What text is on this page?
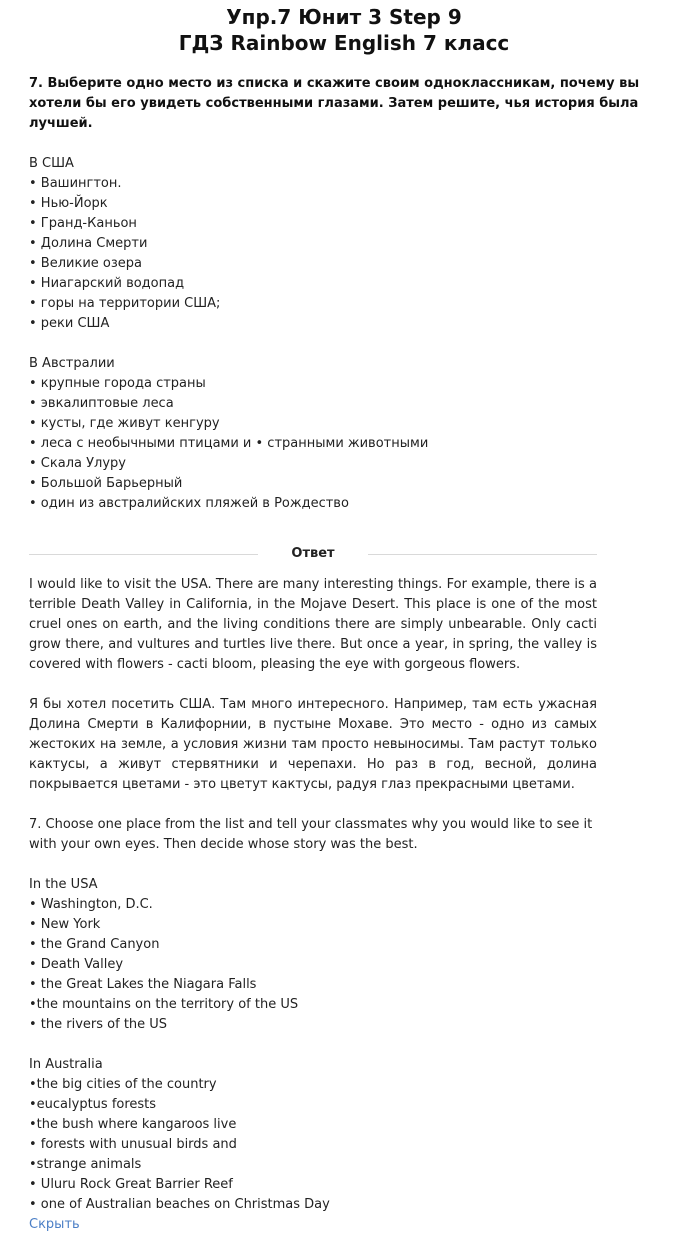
Упр.7 Юнит 3 Step 9
ГДЗ Rainbow English 7 класс

7. Выберите одно место из списка и скажите своим одноклассникам, почему вы

хотели бы его увидеть собственными глазами. Затем решите, чья история была

лучшей.

В США

• Вашингтон.

• Нью-Йорк

• Гранд-Каньон

• Долина Смерти

• Великие озера

• Ниагарский водопад

• горы на территории США;

• реки США

В Австралии

• крупные города страны

• эвкалиптовые леса

• кусты, где живут кенгуру

• леса с необычными птицами и • странными животными

• Скала Улуру

• Большой Барьерный

• один из австралийских пляжей в Рождество

Ответ

I would like to visit the USA. There are many interesting things. For example, there is a terrible Death Valley in California, in the Mojave Desert. This place is one of the most cruel ones on earth, and the living conditions there are simply unbearable. Only cacti grow there, and vultures and turtles live there. But once a year, in spring, the valley is covered with flowers - cacti bloom, pleasing the eye with gorgeous flowers.

Я бы хотел посетить США. Там много интересного. Например, там есть ужасная Долина Смерти в Калифорнии, в пустыне Мохаве. Это место - одно из самых жестоких на земле, а условия жизни там просто невыносимы. Там растут только кактусы, а живут стервятники и черепахи. Но раз в год, весной, долина покрывается цветами - это цветут кактусы, радуя глаз прекрасными цветами.

7. Choose one place from the list and tell your classmates why you would like to see it

with your own eyes. Then decide whose story was the best.

In the USA

• Washington, D.C.

• New York

• the Grand Canyon

• Death Valley

• the Great Lakes the Niagara Falls

•the mountains on the territory of the US

• the rivers of the US

In Australia

•the big cities of the country

•eucalyptus forests

•the bush where kangaroos live

• forests with unusual birds and

•strange animals

• Uluru Rock Great Barrier Reef

• one of Australian beaches on Christmas Day

Скрыть
